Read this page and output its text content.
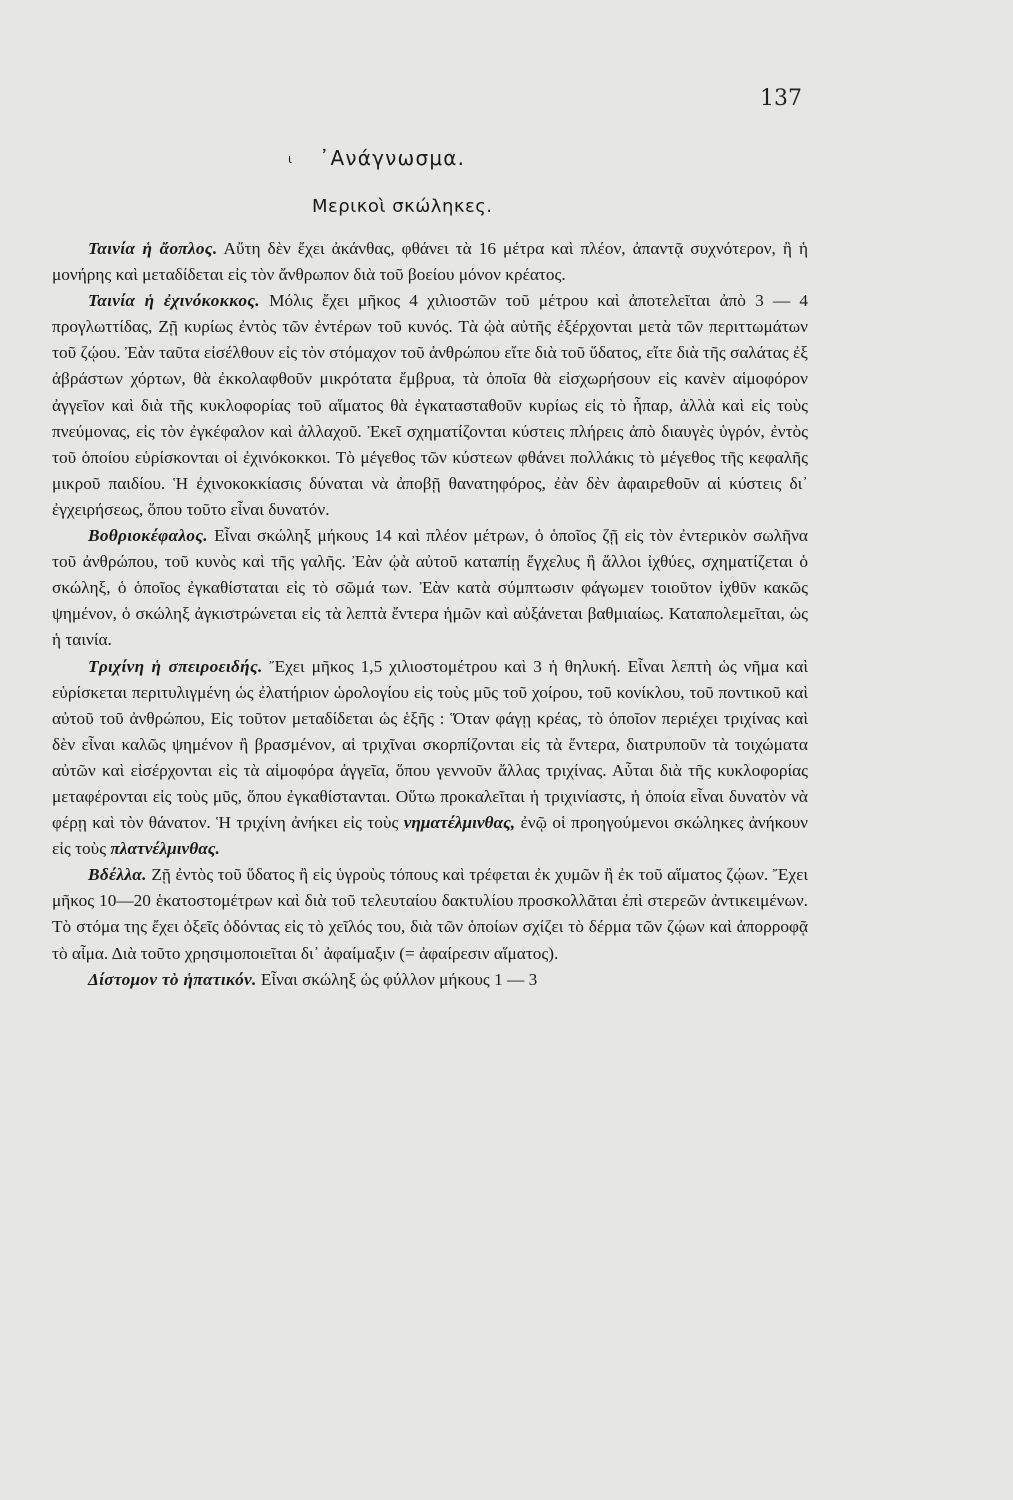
137
ι ᾿Ανάγνωσμα.
Μερικοὶ σκώληκες.

Ταινία ἡ ἄοπλος. Αὔτη δὲν ἔχει ἀκάνθας, φθάνει τὰ 16 μέτρα καὶ πλέον, ἀπαντᾷ συχνότερον, ἢ ἡ μονήρης καὶ μεταδίδεται εἰς τὸν ἄνθρωπον διὰ τοῦ βοείου μόνον κρέατος.

Ταινία ἡ ἐχινόκοκκος. Μόλις ἔχει μῆκος 4 χιλιοστῶν τοῦ μέτρου καὶ ἀποτελεῖται ἀπὸ 3 — 4 προγλωττίδας, Ζῇ κυρίως ἐντὸς τῶν ἐντέρων τοῦ κυνός. Τὰ ᾠὰ αὐτῆς ἐξέρχονται μετὰ τῶν περιττωμάτων τοῦ ζῴου. Ἐὰν ταῦτα εἰσέλθουν εἰς τὸν στόμαχον τοῦ ἀνθρώπου εἴτε διὰ τοῦ ὕδατος, εἴτε διὰ τῆς σαλάτας ἐξ ἀβράστων χόρτων, θὰ ἐκκολαφθοῦν μικρότατα ἔμβρυα, τὰ ὁποῖα θὰ εἰσχωρήσουν εἰς κανὲν αἱμοφόρον ἀγγεῖον καὶ διὰ τῆς κυκλοφορίας τοῦ αἵματος θὰ ἐγκατασταθοῦν κυρίως εἰς τὸ ἧπαρ, ἀλλὰ καὶ εἰς τοὺς πνεύμονας, εἰς τὸν ἐγκέφαλον καὶ ἀλλαχοῦ. Ἐκεῖ σχηματίζονται κύστεις πλήρεις ἀπὸ διαυγὲς ὑγρόν, ἐντὸς τοῦ ὁποίου εὑρίσκονται οἱ ἐχινόκοκκοι. Τὸ μέγεθος τῶν κύστεων φθάνει πολλάκις τὸ μέγεθος τῆς κεφαλῆς μικροῦ παιδίου. Ἡ ἐχινοκοκκίασις δύναται νὰ ἀποβῇ θανατηφόρος, ἐὰν δὲν ἀφαιρεθοῦν αἱ κύστεις δι᾿ ἐγχειρήσεως, ὅπου τοῦτο εἶναι δυνατόν.

Βοθριοκέφαλος. Εἶναι σκώληξ μήκους 14 καὶ πλέον μέτρων, ὁ ὁποῖος ζῇ εἰς τὸν ἐντερικὸν σωλῆνα τοῦ ἀνθρώπου, τοῦ κυνὸς καὶ τῆς γαλῆς. Ἐὰν ᾠὰ αὐτοῦ καταπίῃ ἔγχελυς ἢ ἄλλοι ἰχθύες, σχηματίζεται ὁ σκώληξ, ὁ ὁποῖος ἐγκαθίσταται εἰς τὸ σῶμά των. Ἐὰν κατὰ σύμπτωσιν φάγωμεν τοιοῦτον ἰχθῦν κακῶς ψημένον, ὁ σκώληξ ἀγκιστρώνεται εἰς τὰ λεπτὰ ἔντερα ἡμῶν καὶ αὐξάνεται βαθμιαίως. Καταπολεμεῖται, ὡς ἡ ταινία.

Τριχίνη ἡ σπειροειδής. Ἔχει μῆκος 1,5 χιλιοστομέτρου καὶ 3 ἡ θηλυκή. Εἶναι λεπτὴ ὡς νῆμα καὶ εὑρίσκεται περιτυλιγμένη ὡς ἐλατήριον ὡρολογίου εἰς τοὺς μῦς τοῦ χοίρου, τοῦ κονίκλου, τοῦ ποντικοῦ καὶ αὐτοῦ τοῦ ἀνθρώπου, Εἰς τοῦτον μεταδίδεται ὡς ἑξῆς : Ὅταν φάγῃ κρέας, τὸ ὁποῖον περιέχει τριχίνας καὶ δὲν εἶναι καλῶς ψημένον ἢ βρασμένον, αἱ τριχῖναι σκορπίζονται εἰς τὰ ἔντερα, διατρυποῦν τὰ τοιχώματα αὐτῶν καὶ εἰσέρχονται εἰς τὰ αἱμοφόρα ἀγγεῖα, ὅπου γεννοῦν ἄλλας τριχίνας. Αὗται διὰ τῆς κυκλοφορίας μεταφέρονται εἰς τοὺς μῦς, ὅπου ἐγκαθίστανται. Οὕτω προκαλεῖται ἡ τριχινίαστς, ἡ ὁποία εἶναι δυνατὸν νὰ φέρῃ καὶ τὸν θάνατον. Ἡ τριχίνη ἀνήκει εἰς τοὺς νηματέλμινθας, ἐνῷ οἱ προηγούμενοι σκώληκες ἀνήκουν εἰς τοὺς πλατνέλμινθας.

Βδέλλα. Ζῇ ἐντὸς τοῦ ὕδατος ἢ εἰς ὑγροὺς τόπους καὶ τρέφεται ἐκ χυμῶν ἢ ἐκ τοῦ αἵματος ζῴων. Ἔχει μῆκος 10—20 ἑκατοστομέτρων καὶ διὰ τοῦ τελευταίου δακτυλίου προσκολλᾶται ἐπὶ στερεῶν ἀντικειμένων. Τὸ στόμα της ἔχει ὀξεῖς ὀδόντας εἰς τὸ χεῖλός του, διὰ τῶν ὁποίων σχίζει τὸ δέρμα τῶν ζῴων καὶ ἀπορροφᾷ τὸ αἷμα. Διὰ τοῦτο χρησιμοποιεῖται δι᾿ ἀφαίμαξιν (= ἀφαίρεσιν αἵματος).

Δίστομον τὸ ἡπατικόν. Εἶναι σκώληξ ὡς φύλλον μήκους 1 — 3
